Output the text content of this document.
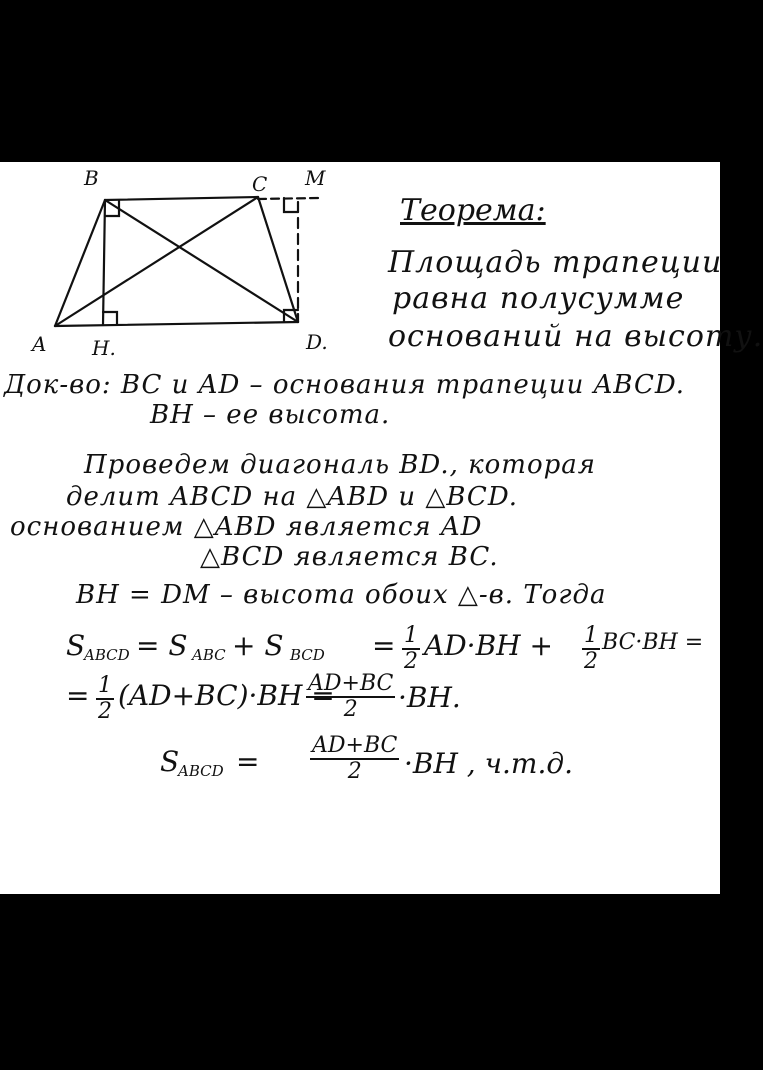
B	C M
A H.	D.
Теорема:
Площадь трапеции
равна полусумме
оснований на высоту.
Док-во: BC и AD – основания трапеции ABCD.
BH – ее высота.
Проведем диагональ BD., которая
делит ABCD на △ABD и △BCD.
основанием △ABD является AD
△BCD является BC.
BH = DM – высота обоих △-в. Тогда
S
ABCD = S ABC + S BCD = $\frac{1}{2} AD\cdot BH + \frac{1}{2} BC\cdot BH$ =
= $\frac{1}{2} (AD+BC)\cdot BH$ =
$\frac{AD+BC}{2} \cdot BH$.
S
ABCD = $\frac{AD+BC}{2} \cdot BH$ , ч.т.д.
